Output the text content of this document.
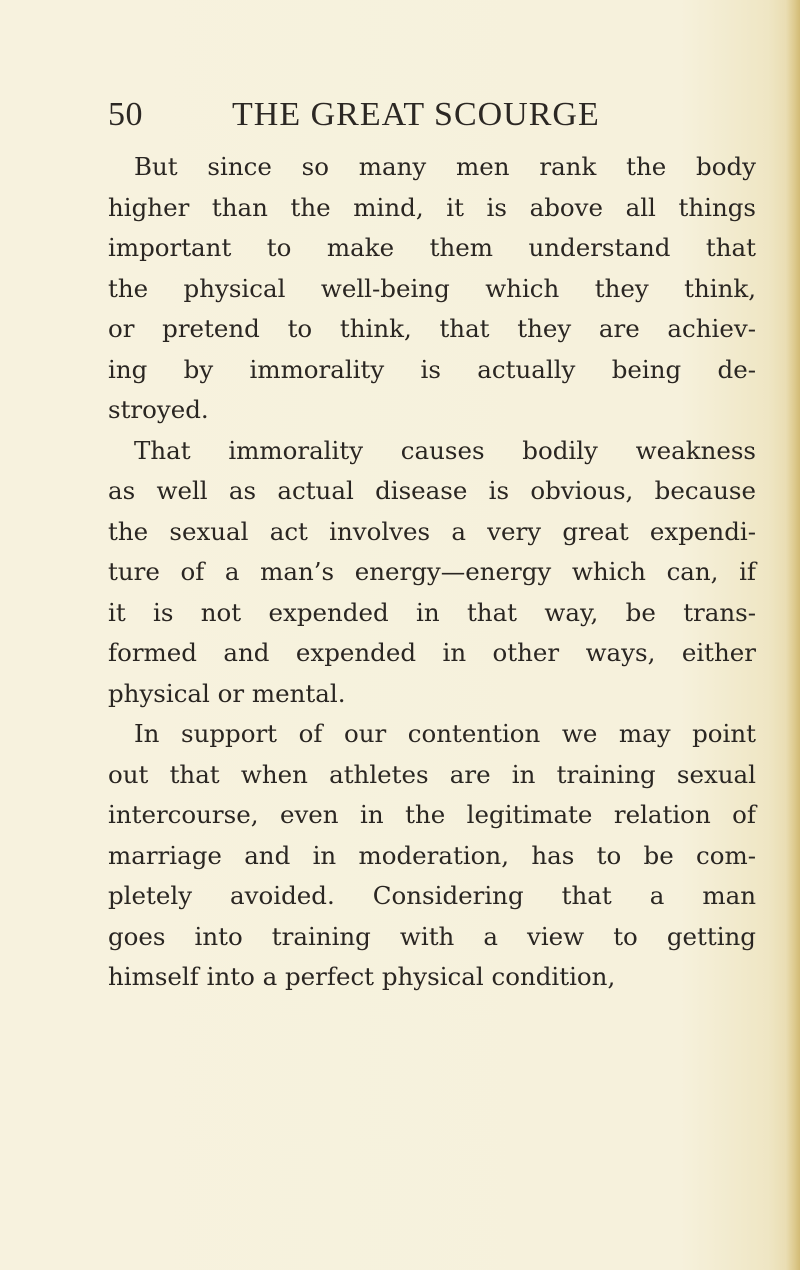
50	THE GREAT SCOURGE
But since so many men rank the body
higher than the mind, it is above all things
important to make them understand that
the physical well-being which they think,
or pretend to think, that they are achiev-
ing by immorality is actually being de-
stroyed.
That immorality causes bodily weakness
as well as actual disease is obvious, because
the sexual act involves a very great expendi-
ture of a man’s energy—energy which can, if
it is not expended in that way, be trans-
formed and expended in other ways, either
physical or mental.
In support of our contention we may point
out that when athletes are in training sexual
intercourse, even in the legitimate relation of
marriage and in moderation, has to be com-
pletely avoided. Considering that a man
goes into training with a view to getting
himself into a perfect physical condition,
